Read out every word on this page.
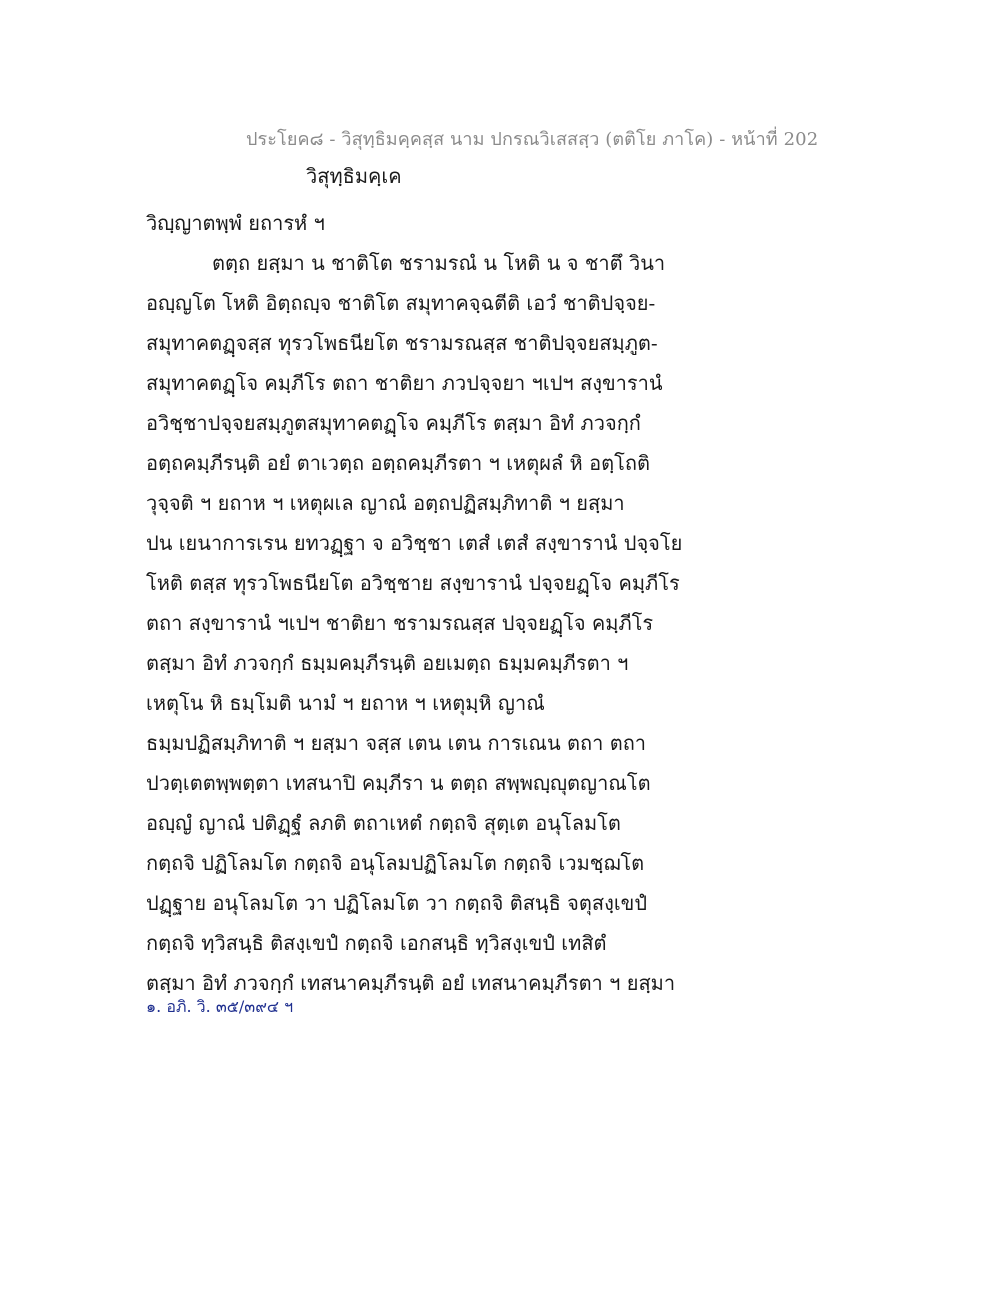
ประโยค๘ - วิสุทฺธิมคฺคสฺส นาม ปกรณวิเสสสฺว (ตติโย ภาโค) - หน้าที่ 202
วิสุทฺธิมคฺเค
วิญฺญาตพฺพํ ยถารหํ ฯ
ตตฺถ ยสฺมา น ชาติโต ชรามรณํ น โหติ น จ ชาตึ วินา
อญฺญโต โหติ อิตฺถญฺจ ชาติโต สมุทาคจฺฉตีติ เอวํ ชาติปจฺจย-
สมุทาคตฏฺจสฺส ทุรวโพธนียโต ชรามรณสฺส ชาติปจฺจยสมฺภูต-
สมุทาคตฏฺโจ คมฺภีโร ตถา ชาติยา ภวปจฺจยา ฯเปฯ สงฺขารานํ
อวิชฺชาปจฺจยสมฺภูตสมุทาคตฏฺโจ คมฺภีโร ตสฺมา อิทํ ภวจกฺกํ
อตฺถคมฺภีรนฺติ อยํ ตาเวตฺถ อตฺถคมฺภีรตา ฯ เหตุผลํ หิ อตฺโถติ
วุจฺจติ ฯ ยถาห ฯ เหตุผเล ญาณํ อตฺถปฏิสมฺภิทาติ ฯ ยสฺมา
ปน เยนาการเรน ยทวฏฺฐา จ อวิชฺชา เตสํ เตสํ สงฺขารานํ ปจฺจโย
โหติ ตสฺส ทุรวโพธนียโต อวิชฺชาย สงฺขารานํ ปจฺจยฏฺโจ คมฺภีโร
ตถา สงฺขารานํ ฯเปฯ ชาติยา ชรามรณสฺส ปจฺจยฏฺโจ คมฺภีโร
ตสฺมา อิทํ ภวจกฺกํ ธมฺมคมฺภีรนฺติ อยเมตฺถ ธมฺมคมฺภีรตา ฯ
เหตุโน หิ ธมฺโมติ นามํ ฯ ยถาห ฯ เหตุมฺหิ ญาณํ
ธมฺมปฏิสมฺภิทาติ ฯ ยสฺมา จสฺส เตน เตน การเณน ตถา ตถา
ปวตฺเตตพฺพตฺตา เทสนาปิ คมฺภีรา น ตตฺถ สพฺพญฺญุตญาณโต
อญฺญํ ญาณํ ปติฏฺฐํ ลภติ ตถาเหตํ กตฺถจิ สุตฺเต อนุโลมโต
กตฺถจิ ปฏิโลมโต กตฺถจิ อนุโลมปฏิโลมโต กตฺถจิ เวมชฺฌโต
ปฏฺฐาย อนุโลมโต วา ปฏิโลมโต วา กตฺถจิ ติสนฺธิ จตุสงฺเขปํ
กตฺถจิ ทฺวิสนฺธิ ติสงฺเขปํ กตฺถจิ เอกสนฺธิ ทฺวิสงฺเขปํ เทสิตํ
ตสฺมา อิทํ ภวจกฺกํ เทสนาคมฺภีรนฺติ อยํ เทสนาคมฺภีรตา ฯ ยสฺมา
๑. อภิ. วิ. ๓๕/๓๙๔ ฯ
